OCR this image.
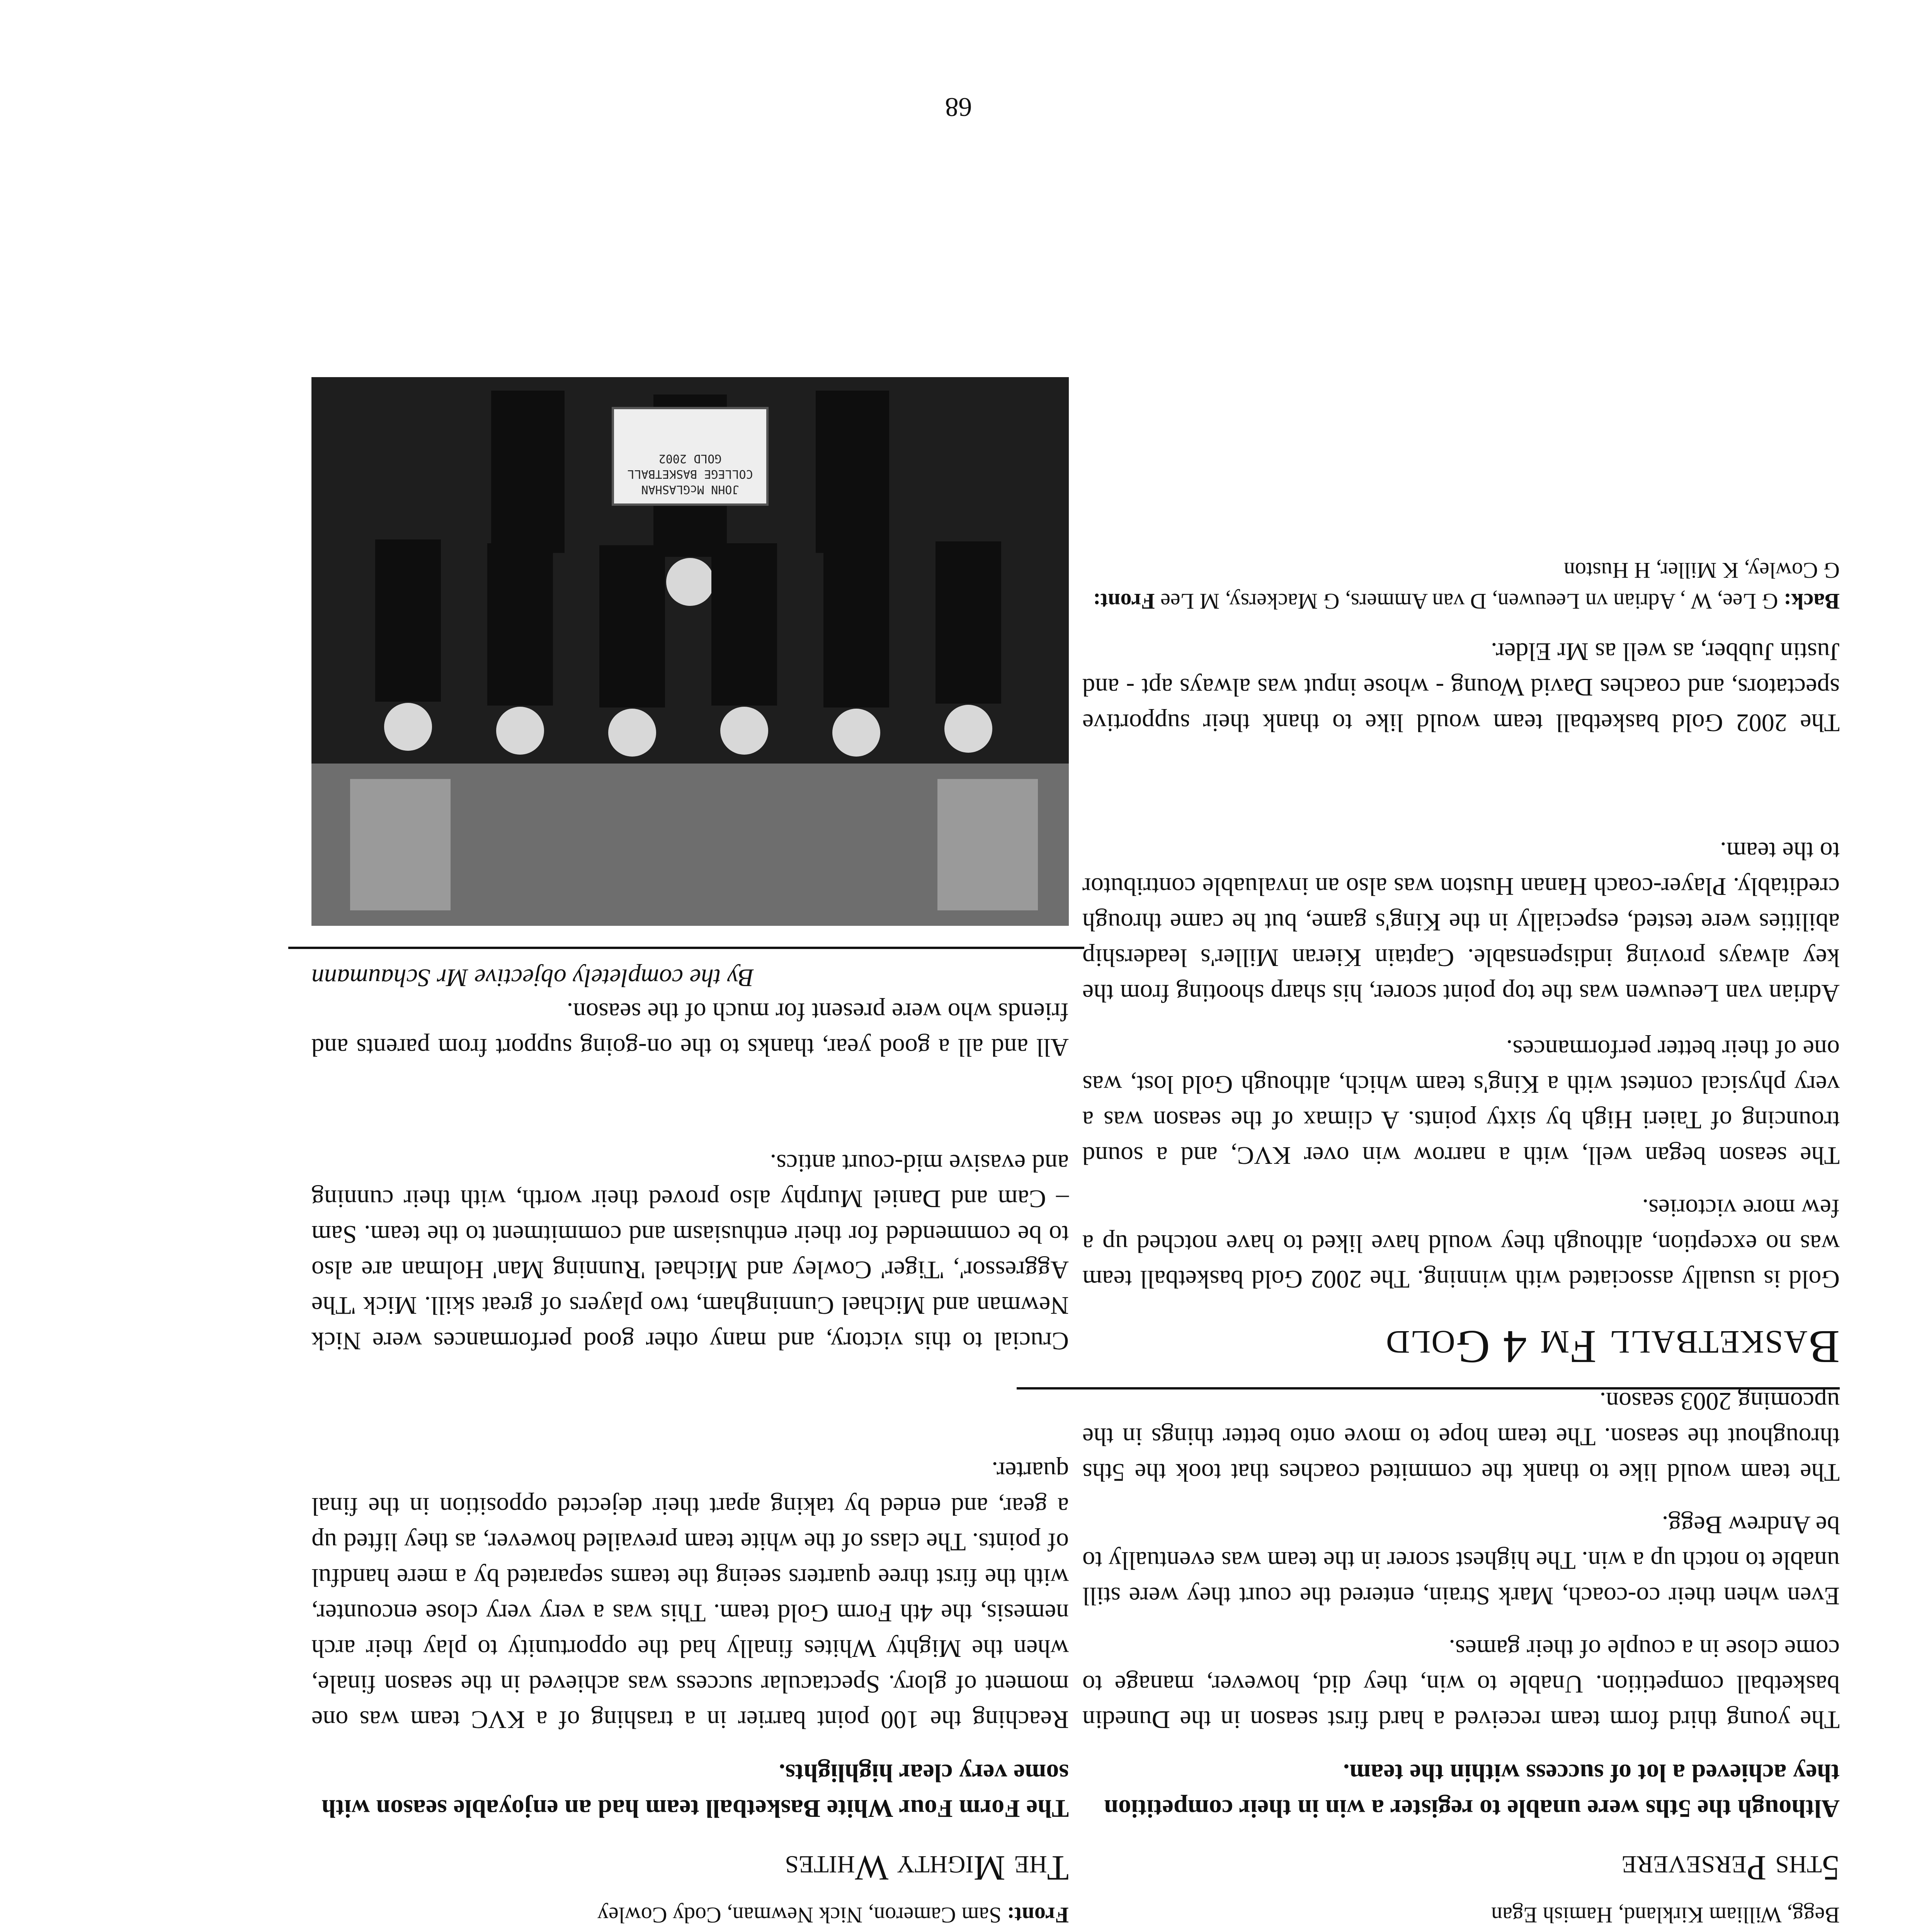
Begg, William Kirkland, Hamish Egan

5ths Persevere

Although the 5ths were unable to register a win in their competition they achieved a lot of success within the team.

The young third form team received a hard first season in the Dunedin basketball competition. Unable to win, they did, however, manage to come close in a couple of their games.

Even when their co-coach, Mark Strain, entered the court they were still unable to notch up a win. The highest scorer in the team was eventually to be Andrew Begg.

The team would like to thank the commited coaches that took the 5ths throughout the season. The team hope to move onto better things in the upcoming 2003 season.

Basketball Fm 4 Gold

Gold is usually associated with winning. The 2002 Gold basketball team was no exception, although they would have liked to have notched up a few more victories.

The season began well, with a narrow win over KVC, and a sound trouncing of Taieri High by sixty points. A climax of the season was a very physical contest with a King's team which, although Gold lost, was one of their better performances.

Adrian van Leeuwen was the top point scorer, his sharp shooting from the key always proving indispensable. Captain Kieran Miller's leadership abilities were tested, especially in the King's game, but he came through creditably. Player-coach Hanan Huston was also an invaluable contributor to the team.

The 2002 Gold basketball team would like to thank their supportive spectators, and coaches David Woung - whose input was always apt - and Justin Jubber, as well as Mr Elder.

Back: G Lee, W , Adrian vn Leeuwen, D van Ammers, G Mackersy, M Lee Front: G Cowley, K Miller, H Huston

Front: Sam Cameron, Nick Newman, Cody Cowley

The Mighty Whites

The Form Four White Basketball team had an enjoyable season with some very clear highlights.

Reaching the 100 point barrier in a trashing of a KVC team was one moment of glory. Spectacular success was achieved in the season finale, when the Mighty Whites finally had the opportunity to play their arch nemesis, the 4th Form Gold team. This was a very very close encounter, with the first three quarters seeing the teams separated by a mere handful of points. The class of the white team prevailed however, as they lifted up a gear, and ended by taking apart their dejected opposition in the final quarter.

Crucial to this victory, and many other good performances were Nick Newman and Michael Cunningham, two players of great skill. Mick 'The Aggressor', 'Tiger' Cowley and Michael 'Running Man' Holman are also to be commended for their enthusiasm and commitment to the team. Sam – Cam and Daniel Murphy also proved their worth, with their cunning and evasive mid-court antics.

All and all a good year, thanks to the on-going support from parents and friends who were present for much of the season.

By the completely objective Mr Schaumann

JOHN McGLASHAN COLLEGE BASKETBALL GOLD 2002
68
